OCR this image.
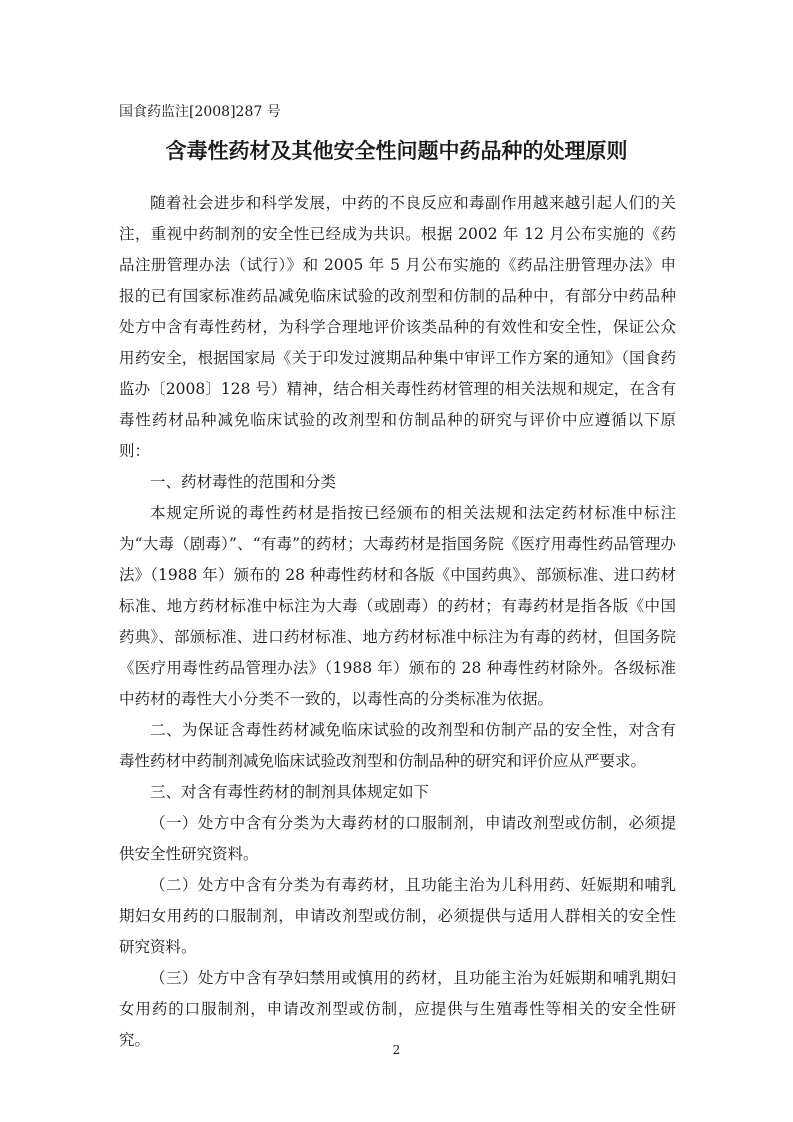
国食药监注[2008]287 号
含毒性药材及其他安全性问题中药品种的处理原则

随着社会进步和科学发展，中药的不良反应和毒副作用越来越引起人们的关注，重视中药制剂的安全性已经成为共识。根据 2002 年 12 月公布实施的《药品注册管理办法（试行）》和 2005 年 5 月公布实施的《药品注册管理办法》申报的已有国家标准药品减免临床试验的改剂型和仿制的品种中，有部分中药品种处方中含有毒性药材，为科学合理地评价该类品种的有效性和安全性，保证公众用药安全，根据国家局《关于印发过渡期品种集中审评工作方案的通知》（国食药监办〔2008〕128 号）精神，结合相关毒性药材管理的相关法规和规定，在含有毒性药材品种减免临床试验的改剂型和仿制品种的研究与评价中应遵循以下原则：

一、药材毒性的范围和分类

本规定所说的毒性药材是指按已经颁布的相关法规和法定药材标准中标注为“大毒（剧毒）”、“有毒”的药材；大毒药材是指国务院《医疗用毒性药品管理办法》（1988 年）颁布的 28 种毒性药材和各版《中国药典》、部颁标准、进口药材标准、地方药材标准中标注为大毒（或剧毒）的药材；有毒药材是指各版《中国药典》、部颁标准、进口药材标准、地方药材标准中标注为有毒的药材，但国务院《医疗用毒性药品管理办法》（1988 年）颁布的 28 种毒性药材除外。各级标准中药材的毒性大小分类不一致的，以毒性高的分类标准为依据。

二、为保证含毒性药材减免临床试验的改剂型和仿制产品的安全性，对含有毒性药材中药制剂减免临床试验改剂型和仿制品种的研究和评价应从严要求。

三、对含有毒性药材的制剂具体规定如下

（一）处方中含有分类为大毒药材的口服制剂，申请改剂型或仿制，必须提供安全性研究资料。

（二）处方中含有分类为有毒药材，且功能主治为儿科用药、妊娠期和哺乳期妇女用药的口服制剂，申请改剂型或仿制，必须提供与适用人群相关的安全性研究资料。

（三）处方中含有孕妇禁用或慎用的药材，且功能主治为妊娠期和哺乳期妇女用药的口服制剂，申请改剂型或仿制，应提供与生殖毒性等相关的安全性研究。

2
